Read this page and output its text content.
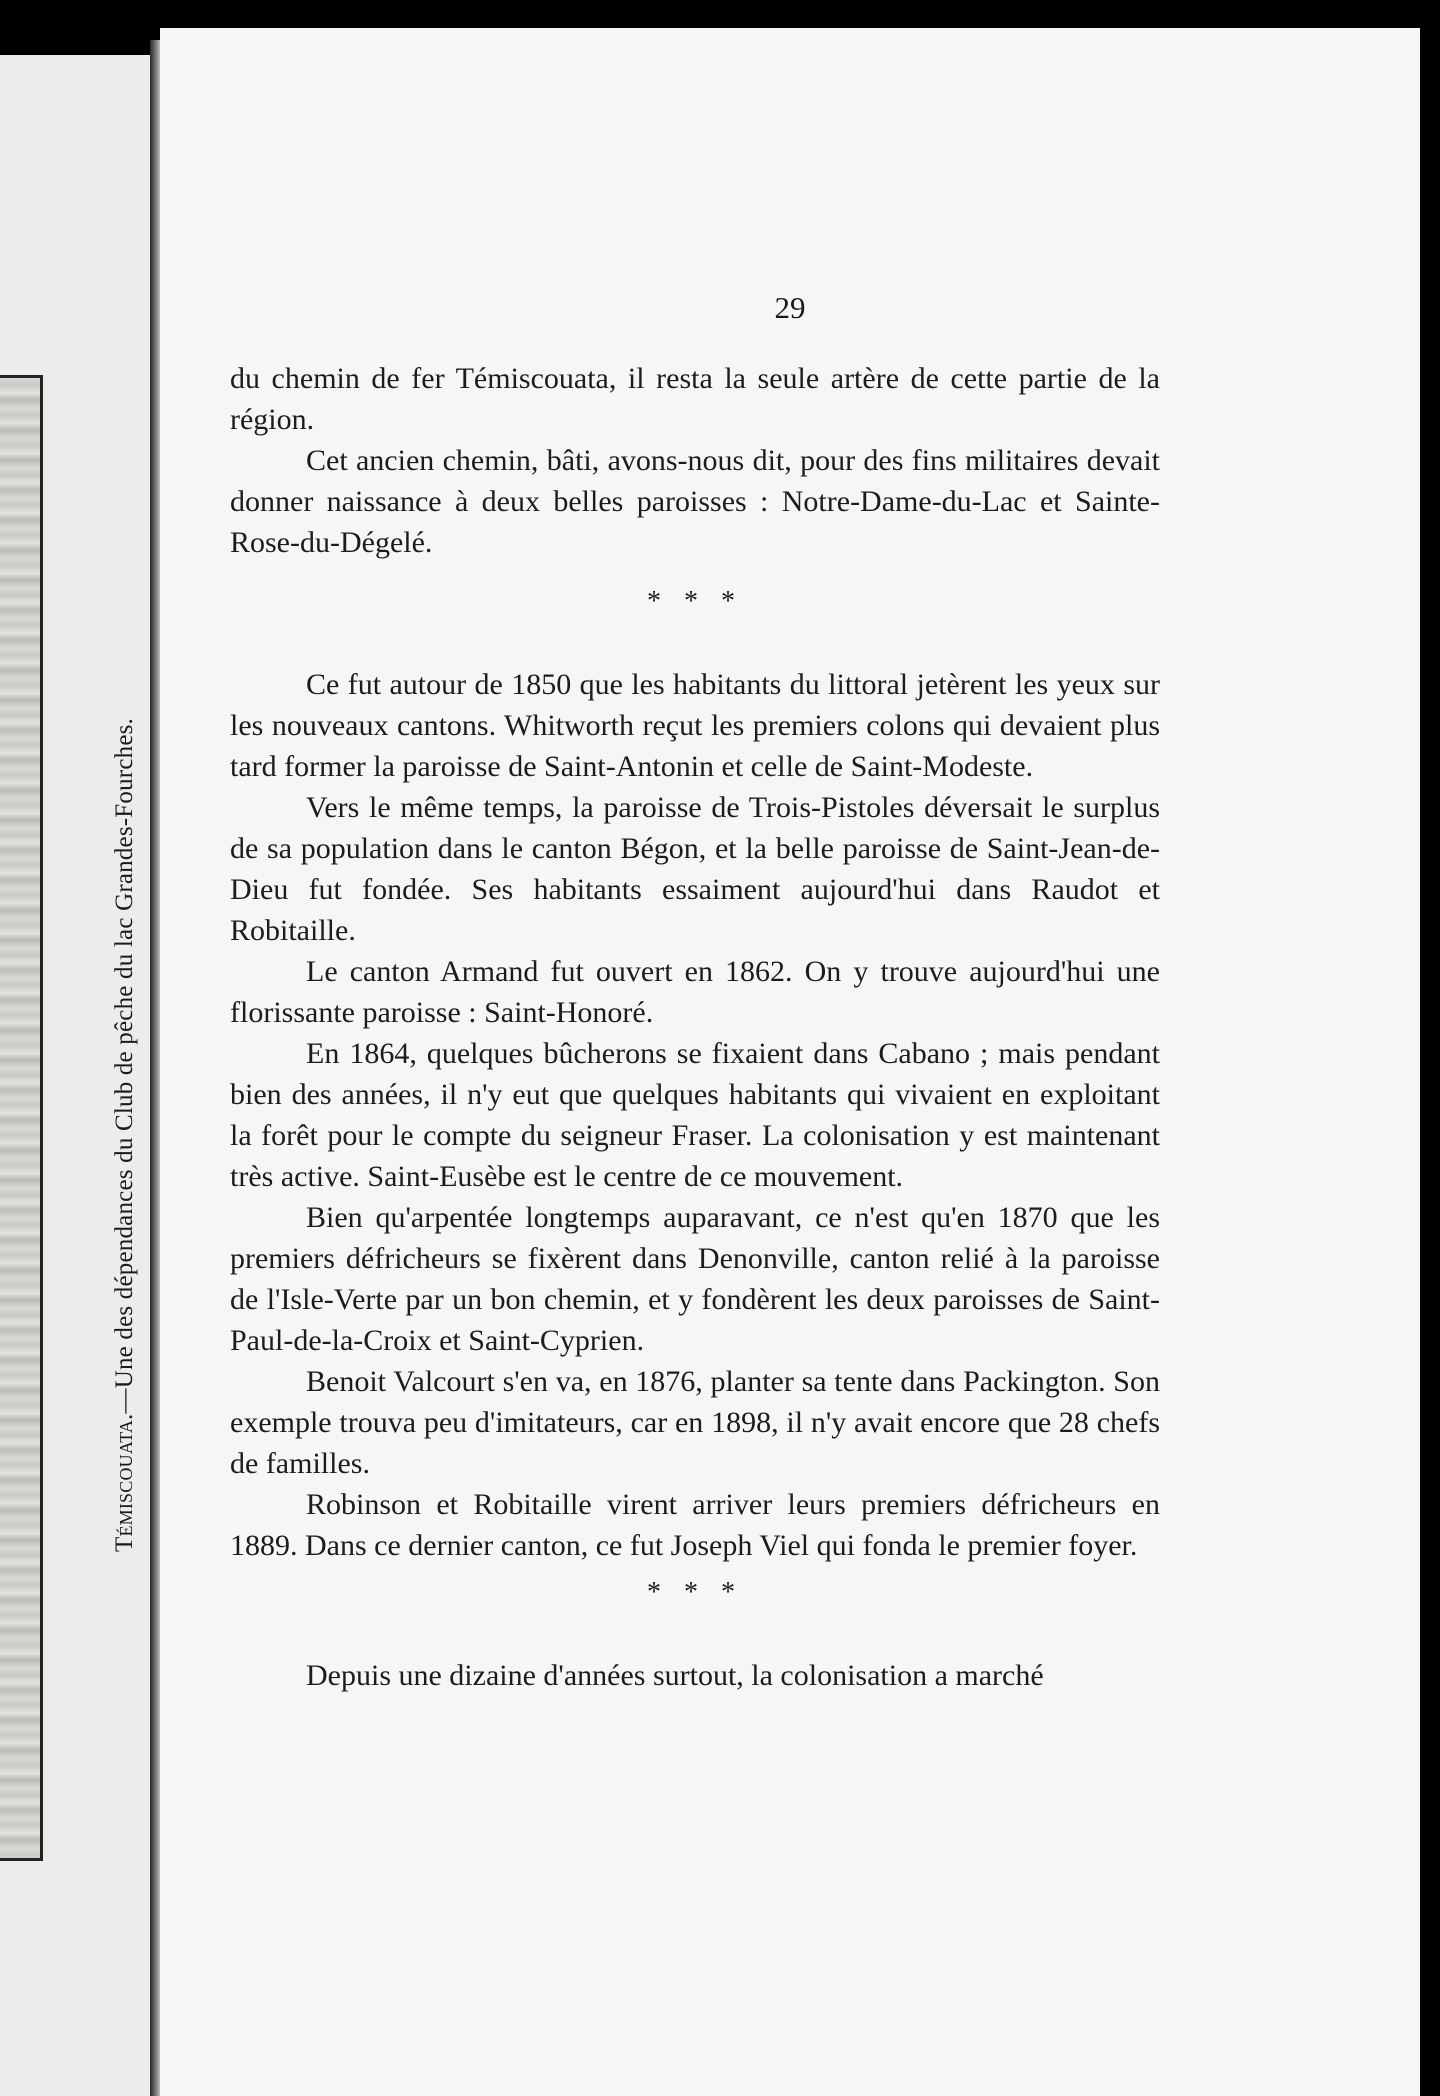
Témiscouata.—Une des dépendances du Club de pêche du lac Grandes-Fourches.
29

du chemin de fer Témiscouata, il resta la seule artère de cette partie de la région.

Cet ancien chemin, bâti, avons-nous dit, pour des fins militaires devait donner naissance à deux belles paroisses : Notre-Dame-du-Lac et Sainte-Rose-du-Dégelé.

* * *

Ce fut autour de 1850 que les habitants du littoral jetèrent les yeux sur les nouveaux cantons. Whitworth reçut les premiers colons qui devaient plus tard former la paroisse de Saint-Antonin et celle de Saint-Modeste.

Vers le même temps, la paroisse de Trois-Pistoles déversait le surplus de sa population dans le canton Bégon, et la belle paroisse de Saint-Jean-de-Dieu fut fondée. Ses habitants essaiment aujourd'hui dans Raudot et Robitaille.

Le canton Armand fut ouvert en 1862. On y trouve aujourd'hui une florissante paroisse : Saint-Honoré.

En 1864, quelques bûcherons se fixaient dans Cabano ; mais pendant bien des années, il n'y eut que quelques habitants qui vivaient en exploitant la forêt pour le compte du seigneur Fraser. La colonisation y est maintenant très active. Saint-Eusèbe est le centre de ce mouvement.

Bien qu'arpentée longtemps auparavant, ce n'est qu'en 1870 que les premiers défricheurs se fixèrent dans Denonville, canton relié à la paroisse de l'Isle-Verte par un bon chemin, et y fondèrent les deux paroisses de Saint-Paul-de-la-Croix et Saint-Cyprien.

Benoit Valcourt s'en va, en 1876, planter sa tente dans Packington. Son exemple trouva peu d'imitateurs, car en 1898, il n'y avait encore que 28 chefs de familles.

Robinson et Robitaille virent arriver leurs premiers défricheurs en 1889. Dans ce dernier canton, ce fut Joseph Viel qui fonda le premier foyer.

* * *

Depuis une dizaine d'années surtout, la colonisation a marché
